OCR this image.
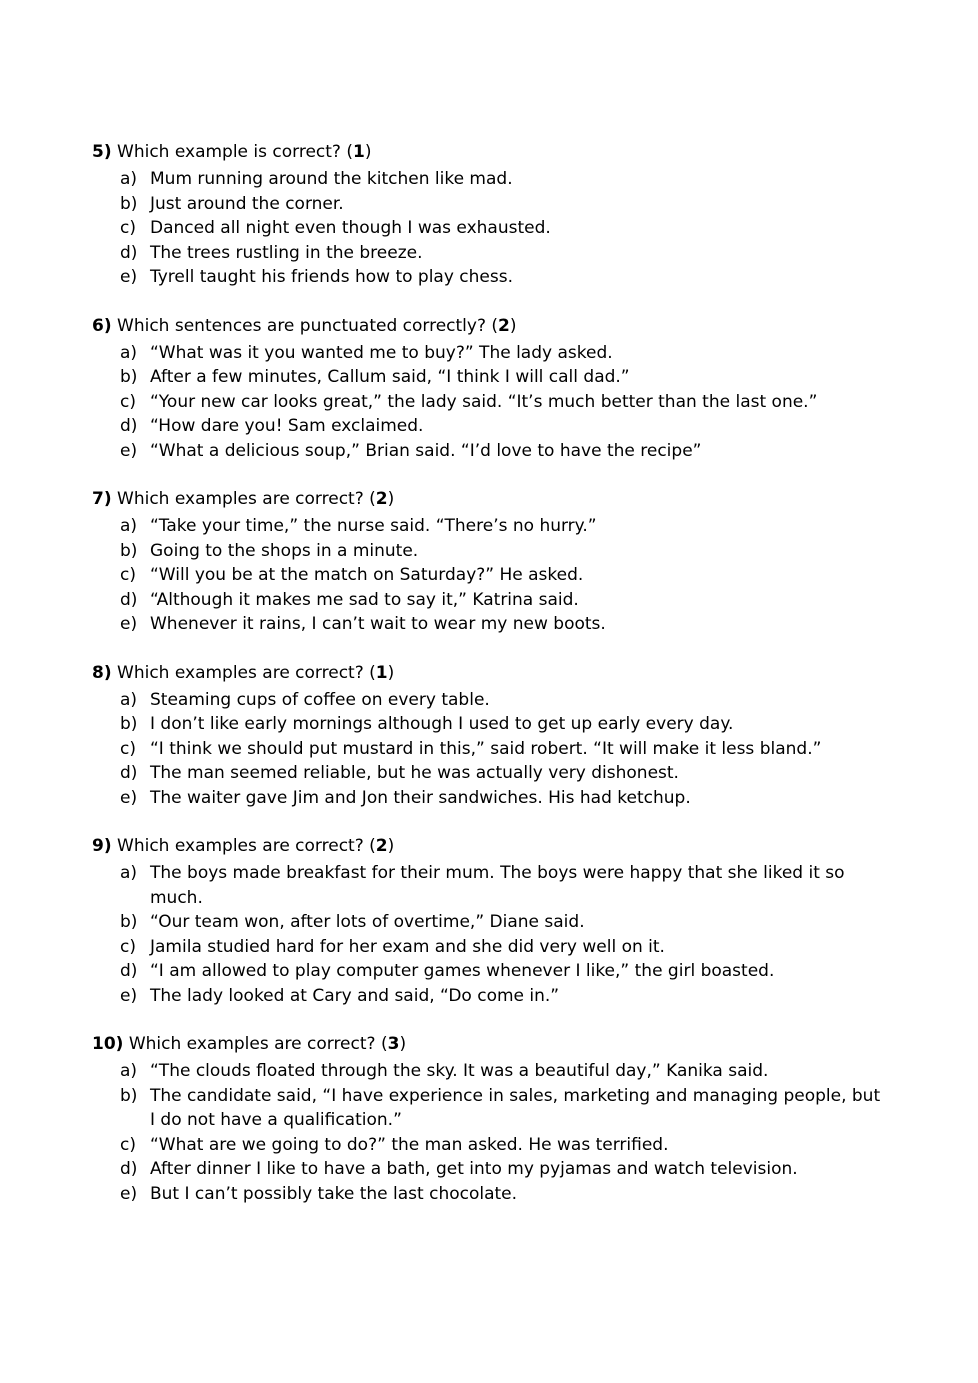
5) Which example is correct? (1)
a) Mum running around the kitchen like mad.
b) Just around the corner.
c) Danced all night even though I was exhausted.
d) The trees rustling in the breeze.
e) Tyrell taught his friends how to play chess.
6) Which sentences are punctuated correctly? (2)
a) “What was it you wanted me to buy?” The lady asked.
b) After a few minutes, Callum said, “I think I will call dad.”
c) “Your new car looks great,” the lady said. “It’s much better than the last one.”
d) “How dare you! Sam exclaimed.
e) “What a delicious soup,” Brian said. “I’d love to have the recipe”
7) Which examples are correct? (2)
a) “Take your time,” the nurse said. “There’s no hurry.”
b) Going to the shops in a minute.
c) “Will you be at the match on Saturday?” He asked.
d) “Although it makes me sad to say it,” Katrina said.
e) Whenever it rains, I can’t wait to wear my new boots.
8) Which examples are correct? (1)
a) Steaming cups of coffee on every table.
b) I don’t like early mornings although I used to get up early every day.
c) “I think we should put mustard in this,” said robert. “It will make it less bland.”
d) The man seemed reliable, but he was actually very dishonest.
e) The waiter gave Jim and Jon their sandwiches. His had ketchup.
9) Which examples are correct? (2)
a) The boys made breakfast for their mum. The boys were happy that she liked it so much.
b) “Our team won, after lots of overtime,” Diane said.
c) Jamila studied hard for her exam and she did very well on it.
d) “I am allowed to play computer games whenever I like,” the girl boasted.
e) The lady looked at Cary and said, “Do come in.”
10) Which examples are correct? (3)
a) “The clouds floated through the sky. It was a beautiful day,” Kanika said.
b) The candidate said, “I have experience in sales, marketing and managing people, but I do not have a qualification.”
c) “What are we going to do?” the man asked. He was terrified.
d) After dinner I like to have a bath, get into my pyjamas and watch television.
e) But I can’t possibly take the last chocolate.
